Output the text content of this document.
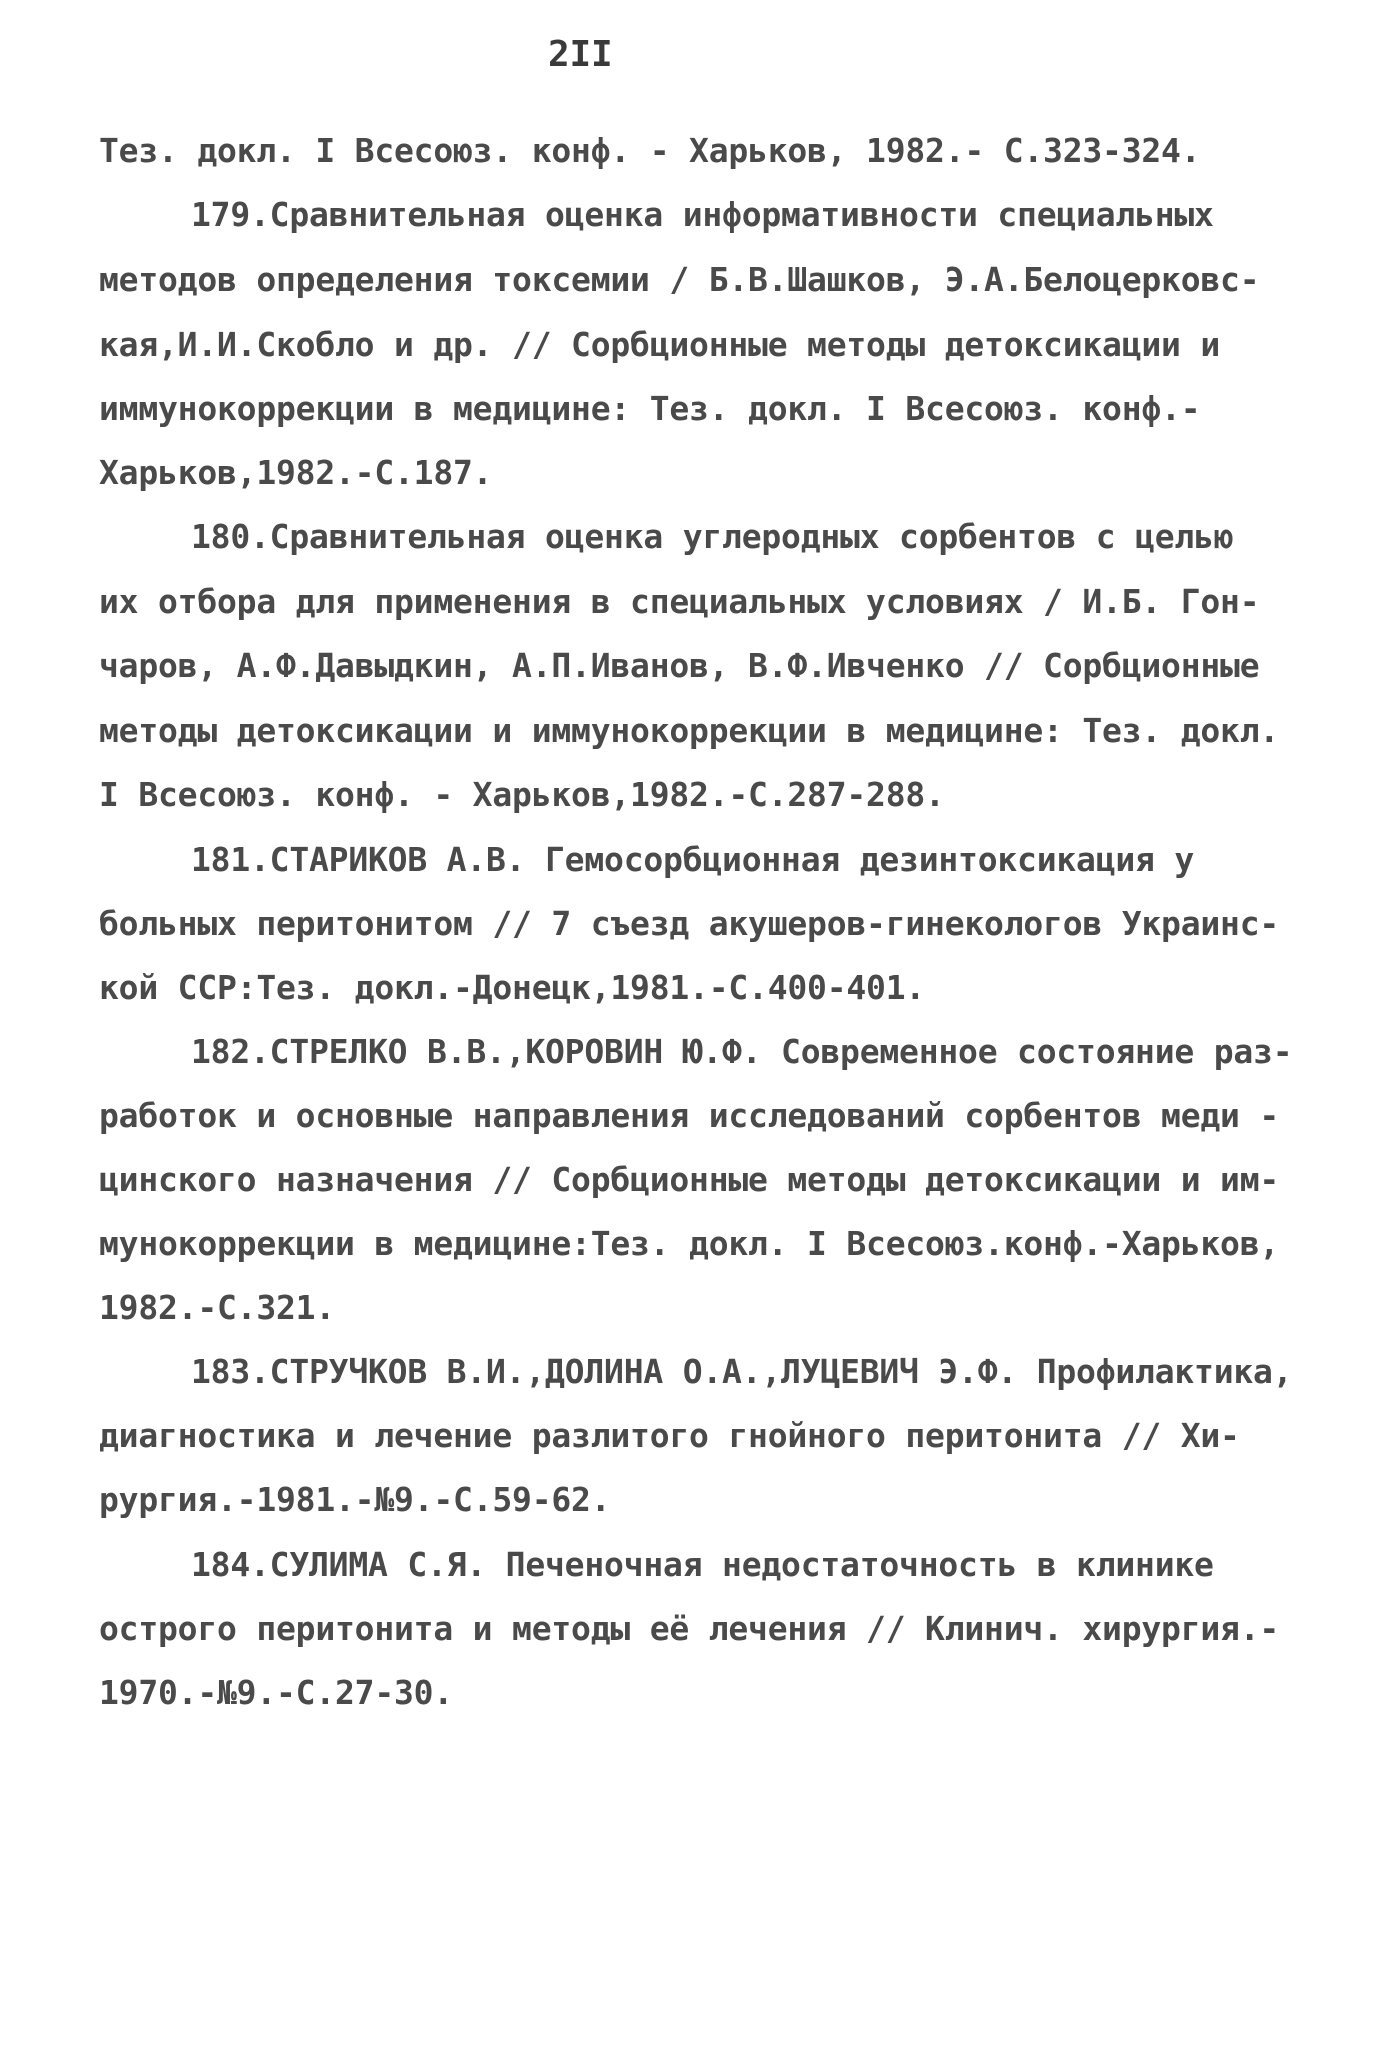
2II
Тез. докл. I Всесоюз. конф. - Харьков, 1982.- С.323-324.
179.Сравнительная оценка информативности специальных
методов определения токсемии / Б.В.Шашков, Э.А.Белоцерковс-
кая,И.И.Скобло и др. // Сорбционные методы детоксикации и
иммунокоррекции в медицине: Тез. докл. I Всесоюз. конф.-
Харьков,1982.-С.187.
180.Сравнительная оценка углеродных сорбентов с целью
их отбора для применения в специальных условиях / И.Б. Гон-
чаров, А.Ф.Давыдкин, А.П.Иванов, В.Ф.Ивченко // Сорбционные
методы детоксикации и иммунокоррекции в медицине: Тез. докл.
I Всесоюз. конф. - Харьков,1982.-С.287-288.
181.СТАРИКОВ А.В. Гемосорбционная дезинтоксикация у
больных перитонитом // 7 съезд акушеров-гинекологов Украинс-
кой ССР:Тез. докл.-Донецк,1981.-С.400-401.
182.СТРЕЛКО В.В.,КОРОВИН Ю.Ф. Современное состояние раз-
работок и основные направления исследований сорбентов меди -
цинского назначения // Сорбционные методы детоксикации и им-
мунокоррекции в медицине:Тез. докл. I Всесоюз.конф.-Харьков,
1982.-С.321.
183.СТРУЧКОВ В.И.,ДОЛИНА О.А.,ЛУЦЕВИЧ Э.Ф. Профилактика,
диагностика и лечение разлитого гнойного перитонита // Хи-
рургия.-1981.-№9.-С.59-62.
184.СУЛИМА С.Я. Печеночная недостаточность в клинике
острого перитонита и методы её лечения // Клинич. хирургия.-
1970.-№9.-С.27-30.
